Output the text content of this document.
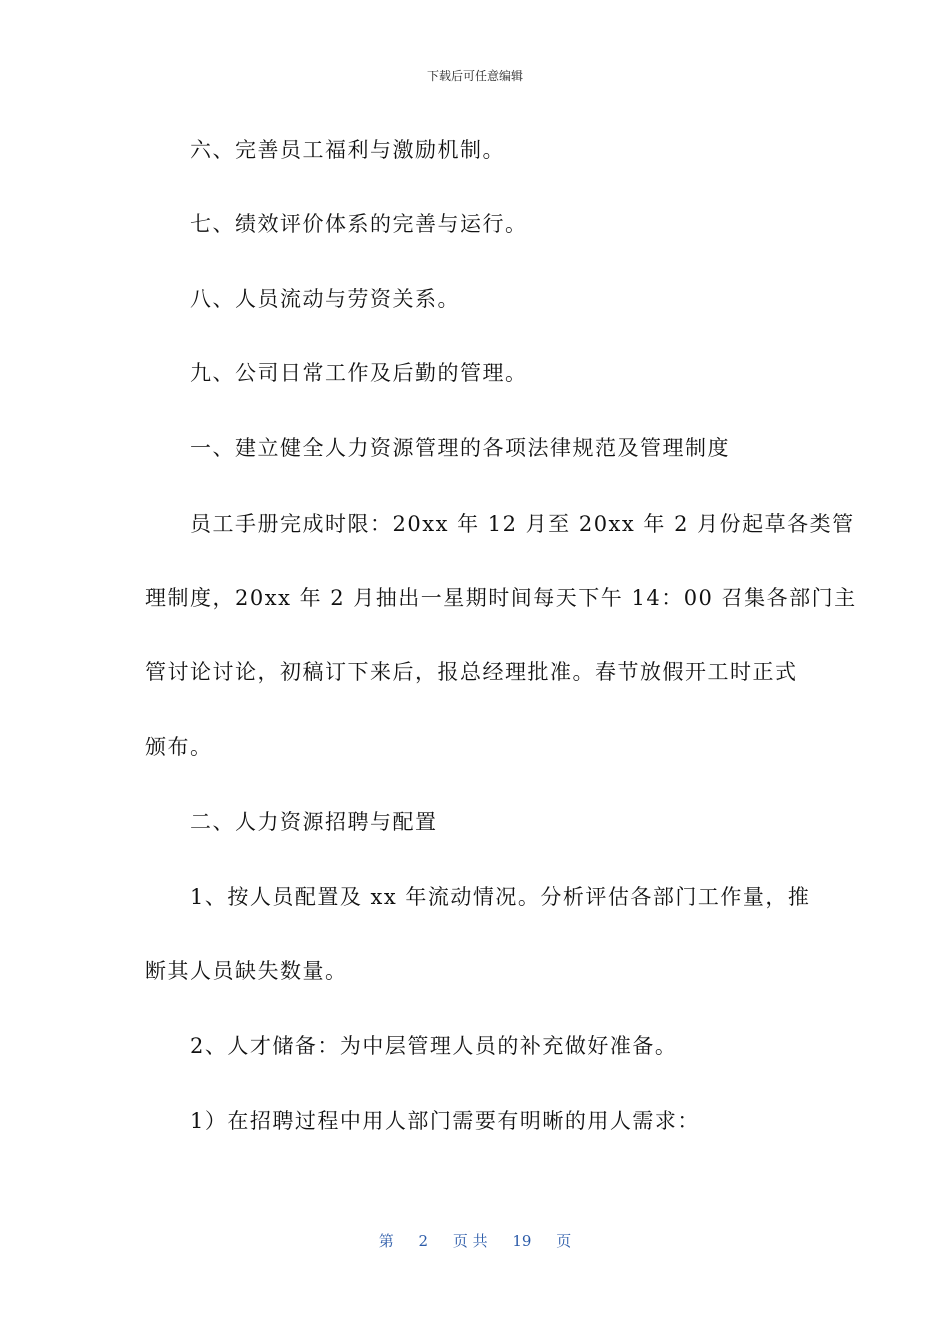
下载后可任意编辑
六、完善员工福利与激励机制。
七、绩效评价体系的完善与运行。
八、人员流动与劳资关系。
九、公司日常工作及后勤的管理。
一、建立健全人力资源管理的各项法律规范及管理制度
员工手册完成时限：20xx 年 12 月至 20xx 年 2 月份起草各类管
理制度，20xx 年 2 月抽出一星期时间每天下午 14：00 召集各部门主
管讨论讨论，初稿订下来后，报总经理批准。春节放假开工时正式
颁布。
二、人力资源招聘与配置
1、按人员配置及 xx 年流动情况。分析评估各部门工作量，推
断其人员缺失数量。
2、人才储备：为中层管理人员的补充做好准备。
1）在招聘过程中用人部门需要有明晰的用人需求：
第 2 页 共 19 页
